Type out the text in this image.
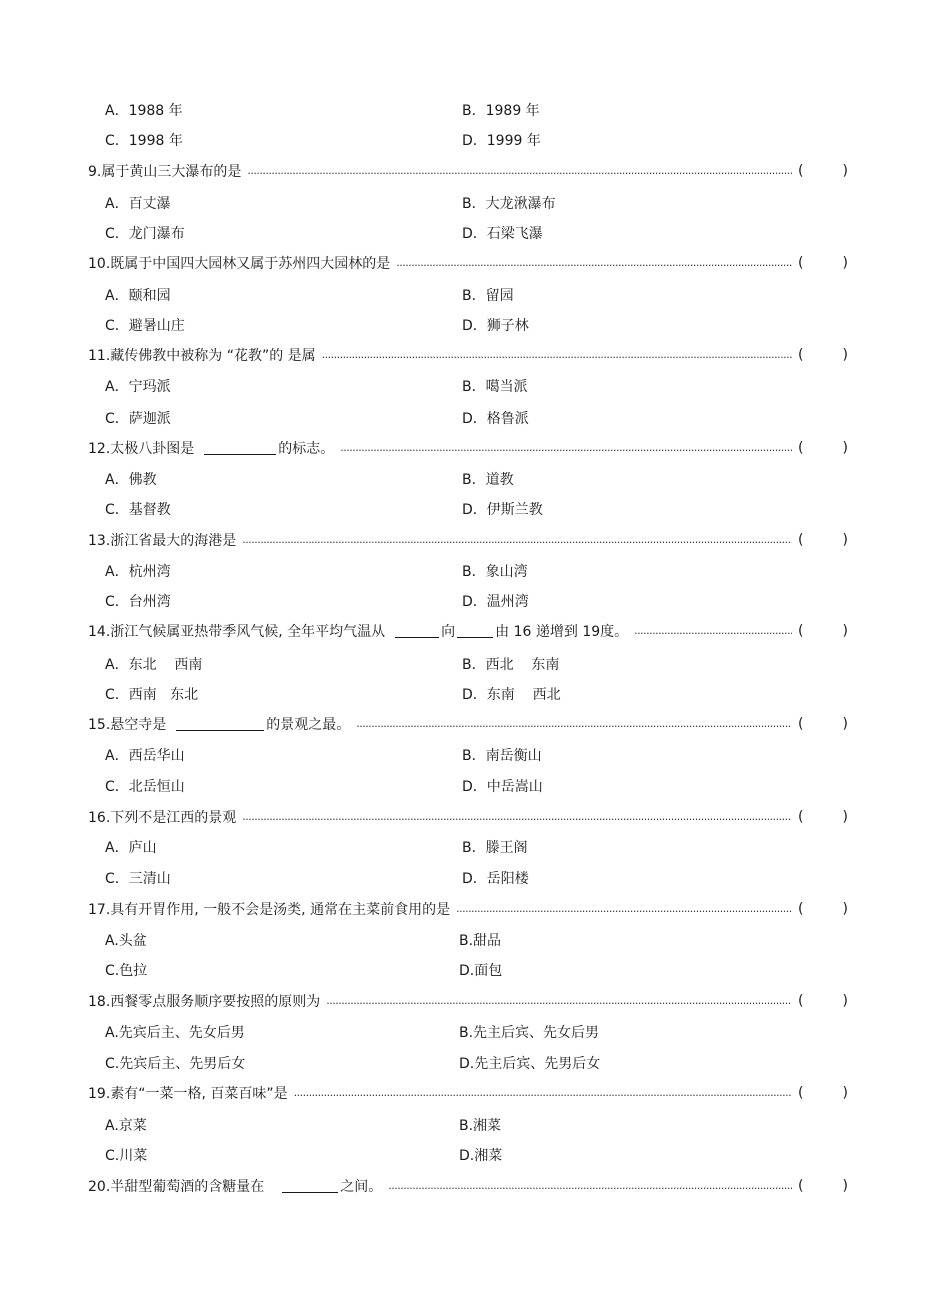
A．1988 年	B．1989 年
C．1998 年	D．1999 年
9.属于黄山三大瀑布的是 .....	(	)
A．百丈瀑	B．大龙湫瀑布
C．龙门瀑布	D．石梁飞瀑
10.既属于中国四大园林又属于苏州四大园林的是 .....	(	)
A．颐和园	B．留园
C．避暑山庄	D．狮子林
11.藏传佛教中被称为 “花教”的 是属 .....	(	)
A．宁玛派	B．噶当派
C．萨迦派	D．格鲁派
12.太极八卦图是	的标志。 .....	(	)
A．佛教	B．道教
C．基督教	D．伊斯兰教
13.浙江省最大的海港是 .....	(	)
A．杭州湾	B．象山湾
C．台州湾	D．温州湾
14.浙江气候属亚热带季风气候, 全年平均气温从	向	由 16 递增到 19度。 .....	(	)
A．东北    西南	B．西北    东南
C．西南   东北	D．东南    西北
15.悬空寺是	的景观之最。 .....	(	)
A．西岳华山	B．南岳衡山
C．北岳恒山	D．中岳嵩山
16.下列不是江西的景观 .....	(	)
A．庐山	B．滕王阁
C．三清山	D．岳阳楼
17.具有开胃作用, 一般不会是汤类, 通常在主菜前食用的是 .....	(	)
A.头盆	B.甜品
C.色拉	D.面包
18.西餐零点服务顺序要按照的原则为 .....	(	)
A.先宾后主、先女后男	B.先主后宾、先女后男
C.先宾后主、先男后女	D.先主后宾、先男后女
19.素有“一菜一格, 百菜百味”是 .....	(	)
A.京菜	B.湘菜
C.川菜	D.湘菜
20.半甜型葡萄酒的含糖量在	之间。 .....	(	)
